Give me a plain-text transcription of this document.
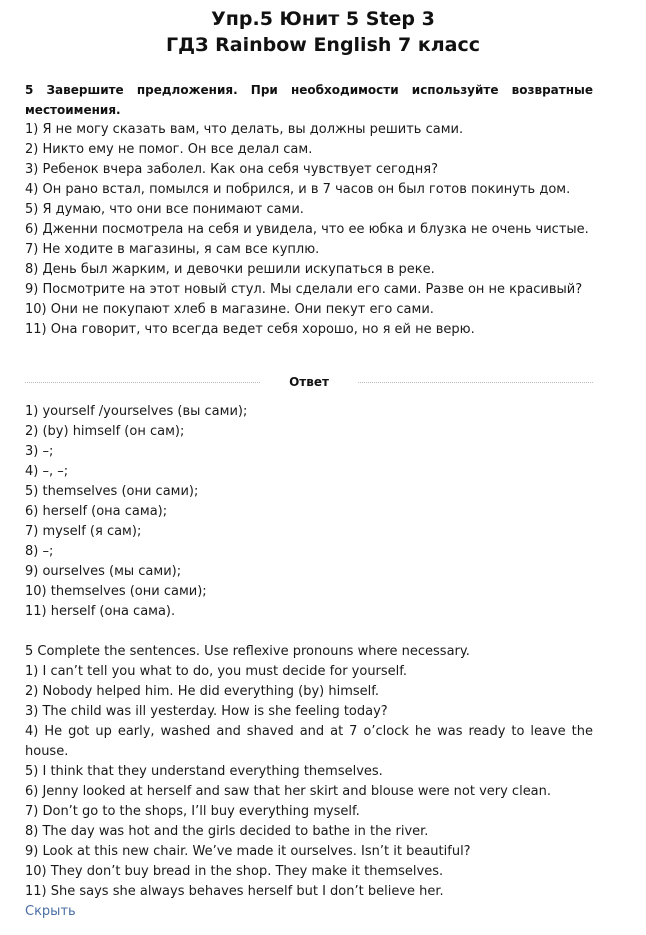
Упр.5 Юнит 5 Step 3
ГДЗ Rainbow English 7 класс
5 Завершите предложения. При необходимости используйте возвратные местоимения.
1) Я не могу сказать вам, что делать, вы должны решить сами.
2) Никто ему не помог. Он все делал сам.
3) Ребенок вчера заболел. Как она себя чувствует сегодня?
4) Он рано встал, помылся и побрился, и в 7 часов он был готов покинуть дом.
5) Я думаю, что они все понимают сами.
6) Дженни посмотрела на себя и увидела, что ее юбка и блузка не очень чистые.
7) Не ходите в магазины, я сам все куплю.
8) День был жарким, и девочки решили искупаться в реке.
9) Посмотрите на этот новый стул. Мы сделали его сами. Разве он не красивый?
10) Они не покупают хлеб в магазине. Они пекут его сами.
11) Она говорит, что всегда ведет себя хорошо, но я ей не верю.
Ответ
1) yourself /yourselves (вы сами);
2) (by) himself (он сам);
3) –;
4) –, –;
5) themselves (они сами);
6) herself (она сама);
7) myself (я сам);
8) –;
9) ourselves (мы сами);
10) themselves (они сами);
11) herself (она сама).
5 Complete the sentences. Use reflexive pronouns where necessary.
1) I can’t tell you what to do, you must decide for yourself.
2) Nobody helped him. He did everything (by) himself.
3) The child was ill yesterday. How is she feeling today?
4) He got up early, washed and shaved and at 7 o’clock he was ready to leave the house.
5) I think that they understand everything themselves.
6) Jenny looked at herself and saw that her skirt and blouse were not very clean.
7) Don’t go to the shops, I’ll buy everything myself.
8) The day was hot and the girls decided to bathe in the river.
9) Look at this new chair. We’ve made it ourselves. Isn’t it beautiful?
10) They don’t buy bread in the shop. They make it themselves.
11) She says she always behaves herself but I don’t believe her.
Скрыть
